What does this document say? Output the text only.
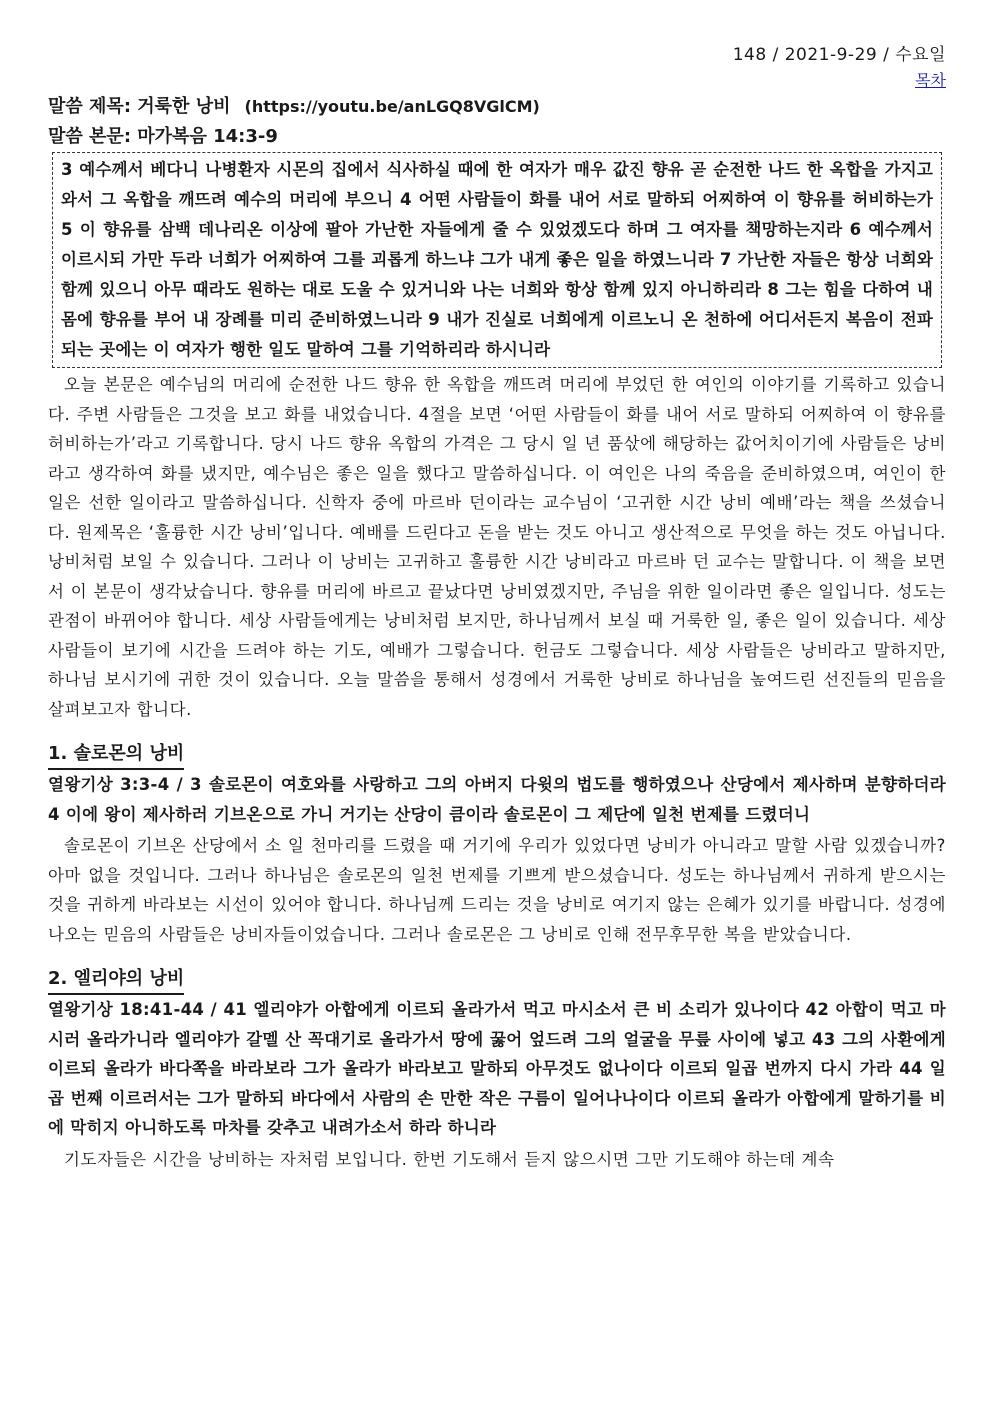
148 / 2021-9-29 / 수요일
목차
말씀 제목: 거룩한 낭비 (https://youtu.be/anLGQ8VGlCM)
말씀 본문: 마가복음 14:3-9
3 예수께서 베다니 나병환자 시몬의 집에서 식사하실 때에 한 여자가 매우 값진 향유 곧 순전한 나드 한 옥합을 가지고 와서 그 옥합을 깨뜨려 예수의 머리에 부으니 4 어떤 사람들이 화를 내어 서로 말하되 어찌하여 이 향유를 허비하는가 5 이 향유를 삼백 데나리온 이상에 팔아 가난한 자들에게 줄 수 있었겠도다 하며 그 여자를 책망하는지라 6 예수께서 이르시되 가만 두라 너희가 어찌하여 그를 괴롭게 하느냐 그가 내게 좋은 일을 하였느니라 7 가난한 자들은 항상 너희와 함께 있으니 아무 때라도 원하는 대로 도울 수 있거니와 나는 너희와 항상 함께 있지 아니하리라 8 그는 힘을 다하여 내 몸에 향유를 부어 내 장례를 미리 준비하였느니라 9 내가 진실로 너희에게 이르노니 온 천하에 어디서든지 복음이 전파되는 곳에는 이 여자가 행한 일도 말하여 그를 기억하리라 하시니라
오늘 본문은 예수님의 머리에 순전한 나드 향유 한 옥합을 깨뜨려 머리에 부었던 한 여인의 이야기를 기록하고 있습니다. 주변 사람들은 그것을 보고 화를 내었습니다. 4절을 보면 ‘어떤 사람들이 화를 내어 서로 말하되 어찌하여 이 향유를 허비하는가’라고 기록합니다. 당시 나드 향유 옥합의 가격은 그 당시 일 년 품삯에 해당하는 값어치이기에 사람들은 낭비라고 생각하여 화를 냈지만, 예수님은 좋은 일을 했다고 말씀하십니다. 이 여인은 나의 죽음을 준비하였으며, 여인이 한 일은 선한 일이라고 말씀하십니다. 신학자 중에 마르바 던이라는 교수님이 ‘고귀한 시간 낭비 예배’라는 책을 쓰셨습니다. 원제목은 ‘훌륭한 시간 낭비’입니다. 예배를 드린다고 돈을 받는 것도 아니고 생산적으로 무엇을 하는 것도 아닙니다. 낭비처럼 보일 수 있습니다. 그러나 이 낭비는 고귀하고 훌륭한 시간 낭비라고 마르바 던 교수는 말합니다. 이 책을 보면서 이 본문이 생각났습니다. 향유를 머리에 바르고 끝났다면 낭비였겠지만, 주님을 위한 일이라면 좋은 일입니다. 성도는 관점이 바뀌어야 합니다. 세상 사람들에게는 낭비처럼 보지만, 하나님께서 보실 때 거룩한 일, 좋은 일이 있습니다. 세상 사람들이 보기에 시간을 드려야 하는 기도, 예배가 그렇습니다. 헌금도 그렇습니다. 세상 사람들은 낭비라고 말하지만, 하나님 보시기에 귀한 것이 있습니다. 오늘 말씀을 통해서 성경에서 거룩한 낭비로 하나님을 높여드린 선진들의 믿음을 살펴보고자 합니다.
1. 솔로몬의 낭비
열왕기상 3:3-4 / 3 솔로몬이 여호와를 사랑하고 그의 아버지 다윗의 법도를 행하였으나 산당에서 제사하며 분향하더라 4 이에 왕이 제사하러 기브온으로 가니 거기는 산당이 큼이라 솔로몬이 그 제단에 일천 번제를 드렸더니
솔로몬이 기브온 산당에서 소 일 천마리를 드렸을 때 거기에 우리가 있었다면 낭비가 아니라고 말할 사람 있겠습니까? 아마 없을 것입니다. 그러나 하나님은 솔로몬의 일천 번제를 기쁘게 받으셨습니다. 성도는 하나님께서 귀하게 받으시는 것을 귀하게 바라보는 시선이 있어야 합니다. 하나님께 드리는 것을 낭비로 여기지 않는 은혜가 있기를 바랍니다. 성경에 나오는 믿음의 사람들은 낭비자들이었습니다. 그러나 솔로몬은 그 낭비로 인해 전무후무한 복을 받았습니다.
2. 엘리야의 낭비
열왕기상 18:41-44 / 41 엘리야가 아합에게 이르되 올라가서 먹고 마시소서 큰 비 소리가 있나이다 42 아합이 먹고 마시러 올라가니라 엘리야가 갈멜 산 꼭대기로 올라가서 땅에 꿇어 엎드려 그의 얼굴을 무릎 사이에 넣고 43 그의 사환에게 이르되 올라가 바다쪽을 바라보라 그가 올라가 바라보고 말하되 아무것도 없나이다 이르되 일곱 번까지 다시 가라 44 일곱 번째 이르러서는 그가 말하되 바다에서 사람의 손 만한 작은 구름이 일어나나이다 이르되 올라가 아합에게 말하기를 비에 막히지 아니하도록 마차를 갖추고 내려가소서 하라 하니라
기도자들은 시간을 낭비하는 자처럼 보입니다. 한번 기도해서 듣지 않으시면 그만 기도해야 하는데 계속
